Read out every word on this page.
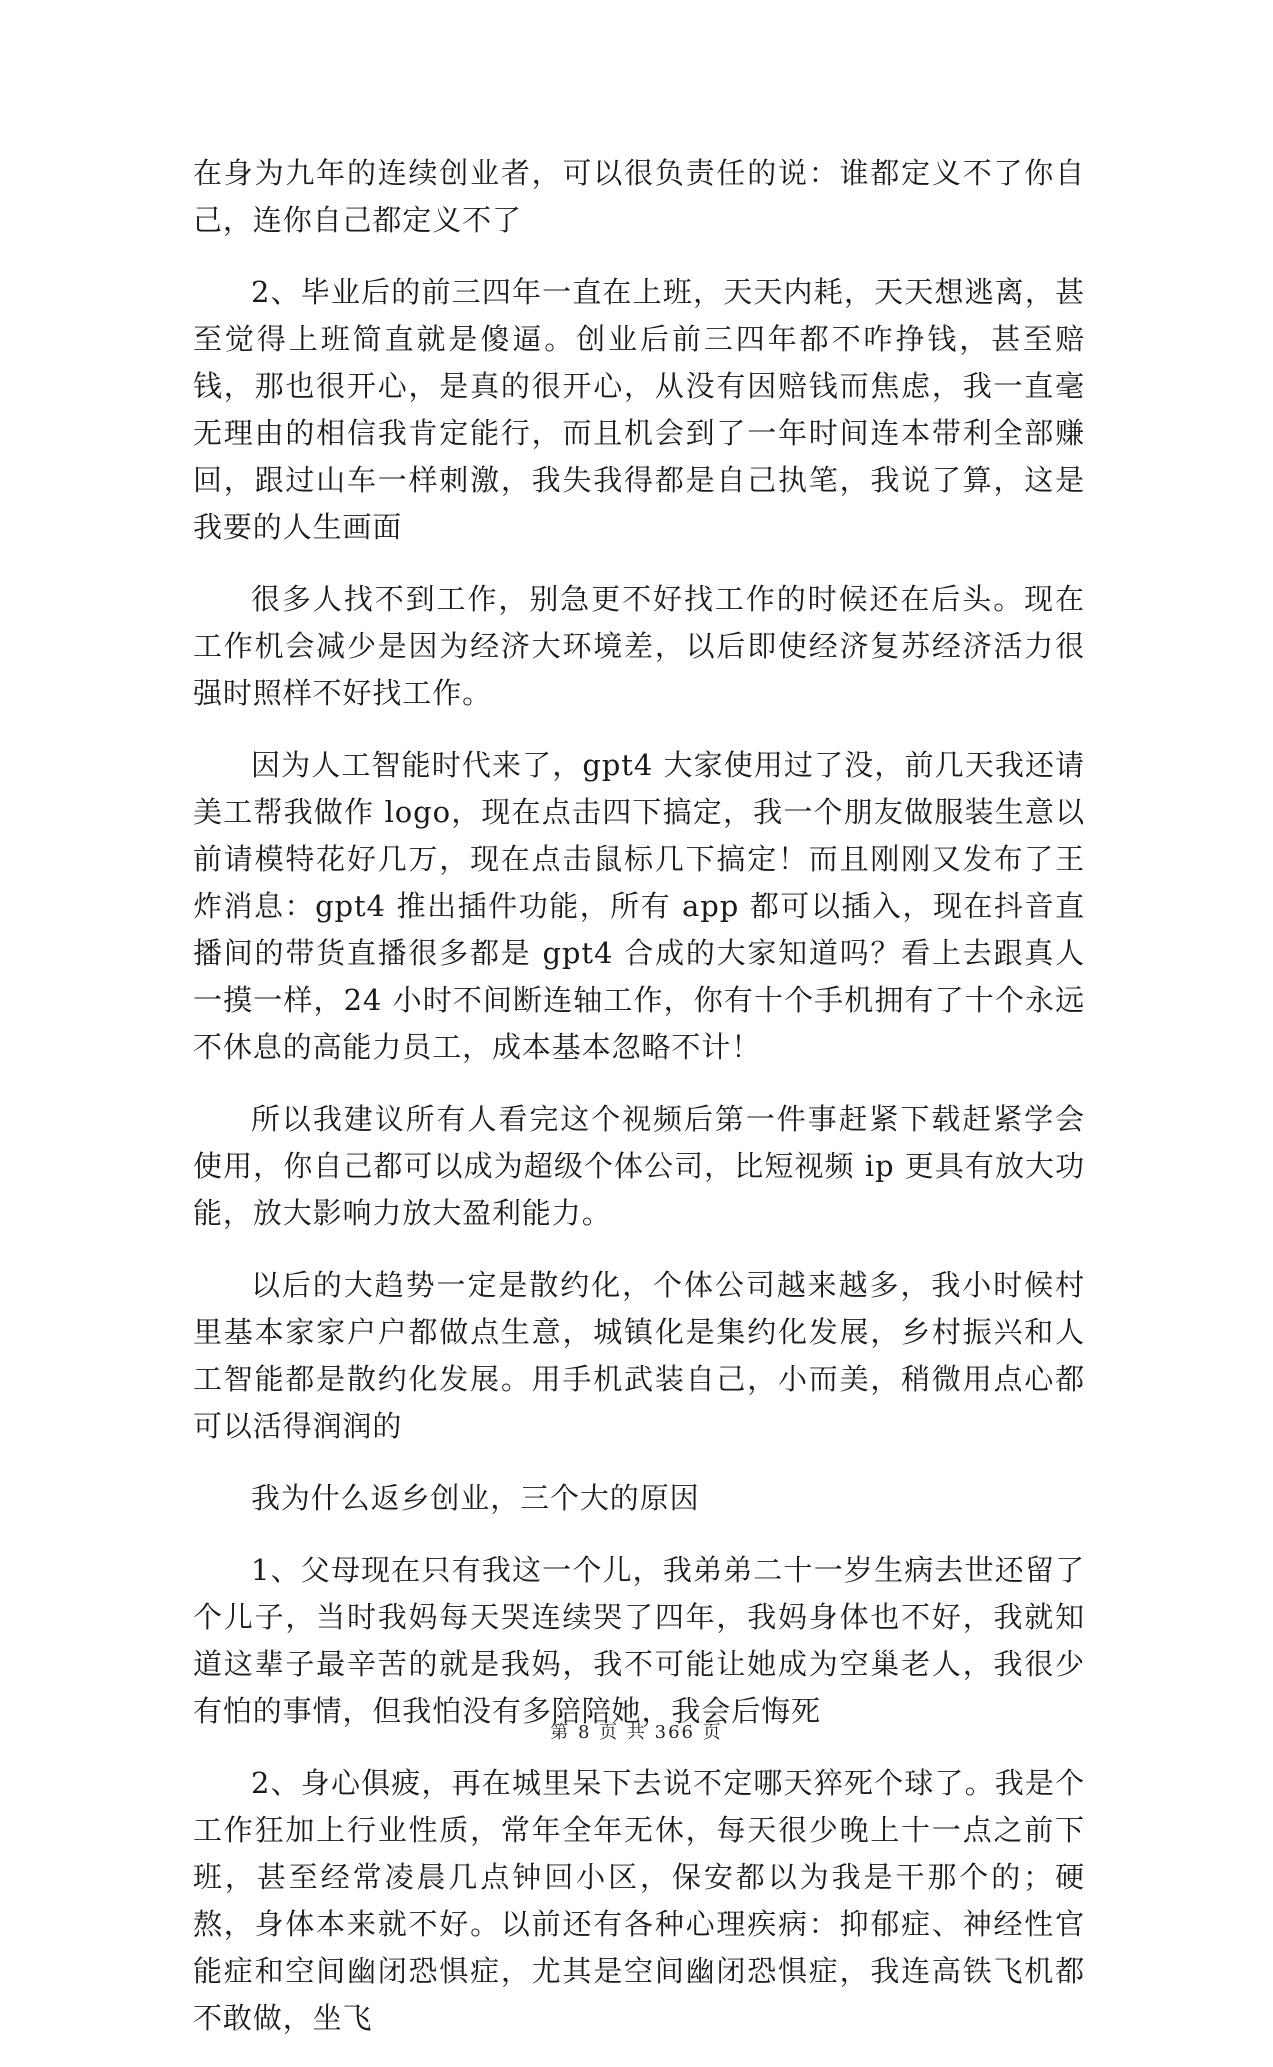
在身为九年的连续创业者，可以很负责任的说：谁都定义不了你自己，连你自己都定义不了

2、毕业后的前三四年一直在上班，天天内耗，天天想逃离，甚至觉得上班简直就是傻逼。创业后前三四年都不咋挣钱，甚至赔钱，那也很开心，是真的很开心，从没有因赔钱而焦虑，我一直毫无理由的相信我肯定能行，而且机会到了一年时间连本带利全部赚回，跟过山车一样刺激，我失我得都是自己执笔，我说了算，这是我要的人生画面

很多人找不到工作，别急更不好找工作的时候还在后头。现在工作机会减少是因为经济大环境差，以后即使经济复苏经济活力很强时照样不好找工作。

因为人工智能时代来了，gpt4 大家使用过了没，前几天我还请美工帮我做作 logo，现在点击四下搞定，我一个朋友做服装生意以前请模特花好几万，现在点击鼠标几下搞定！而且刚刚又发布了王炸消息：gpt4 推出插件功能，所有 app 都可以插入，现在抖音直播间的带货直播很多都是 gpt4 合成的大家知道吗？看上去跟真人一摸一样，24 小时不间断连轴工作，你有十个手机拥有了十个永远不休息的高能力员工，成本基本忽略不计！

所以我建议所有人看完这个视频后第一件事赶紧下载赶紧学会使用，你自己都可以成为超级个体公司，比短视频 ip 更具有放大功能，放大影响力放大盈利能力。

以后的大趋势一定是散约化，个体公司越来越多，我小时候村里基本家家户户都做点生意，城镇化是集约化发展，乡村振兴和人工智能都是散约化发展。用手机武装自己，小而美，稍微用点心都可以活得润润的

我为什么返乡创业，三个大的原因

1、父母现在只有我这一个儿，我弟弟二十一岁生病去世还留了个儿子，当时我妈每天哭连续哭了四年，我妈身体也不好，我就知道这辈子最辛苦的就是我妈，我不可能让她成为空巢老人，我很少有怕的事情，但我怕没有多陪陪她，我会后悔死

2、身心俱疲，再在城里呆下去说不定哪天猝死个球了。我是个工作狂加上行业性质，常年全年无休，每天很少晚上十一点之前下班，甚至经常凌晨几点钟回小区，保安都以为我是干那个的；硬熬，身体本来就不好。以前还有各种心理疾病：抑郁症、神经性官能症和空间幽闭恐惧症，尤其是空间幽闭恐惧症，我连高铁飞机都不敢做，坐飞

第 8 页 共 366 页
